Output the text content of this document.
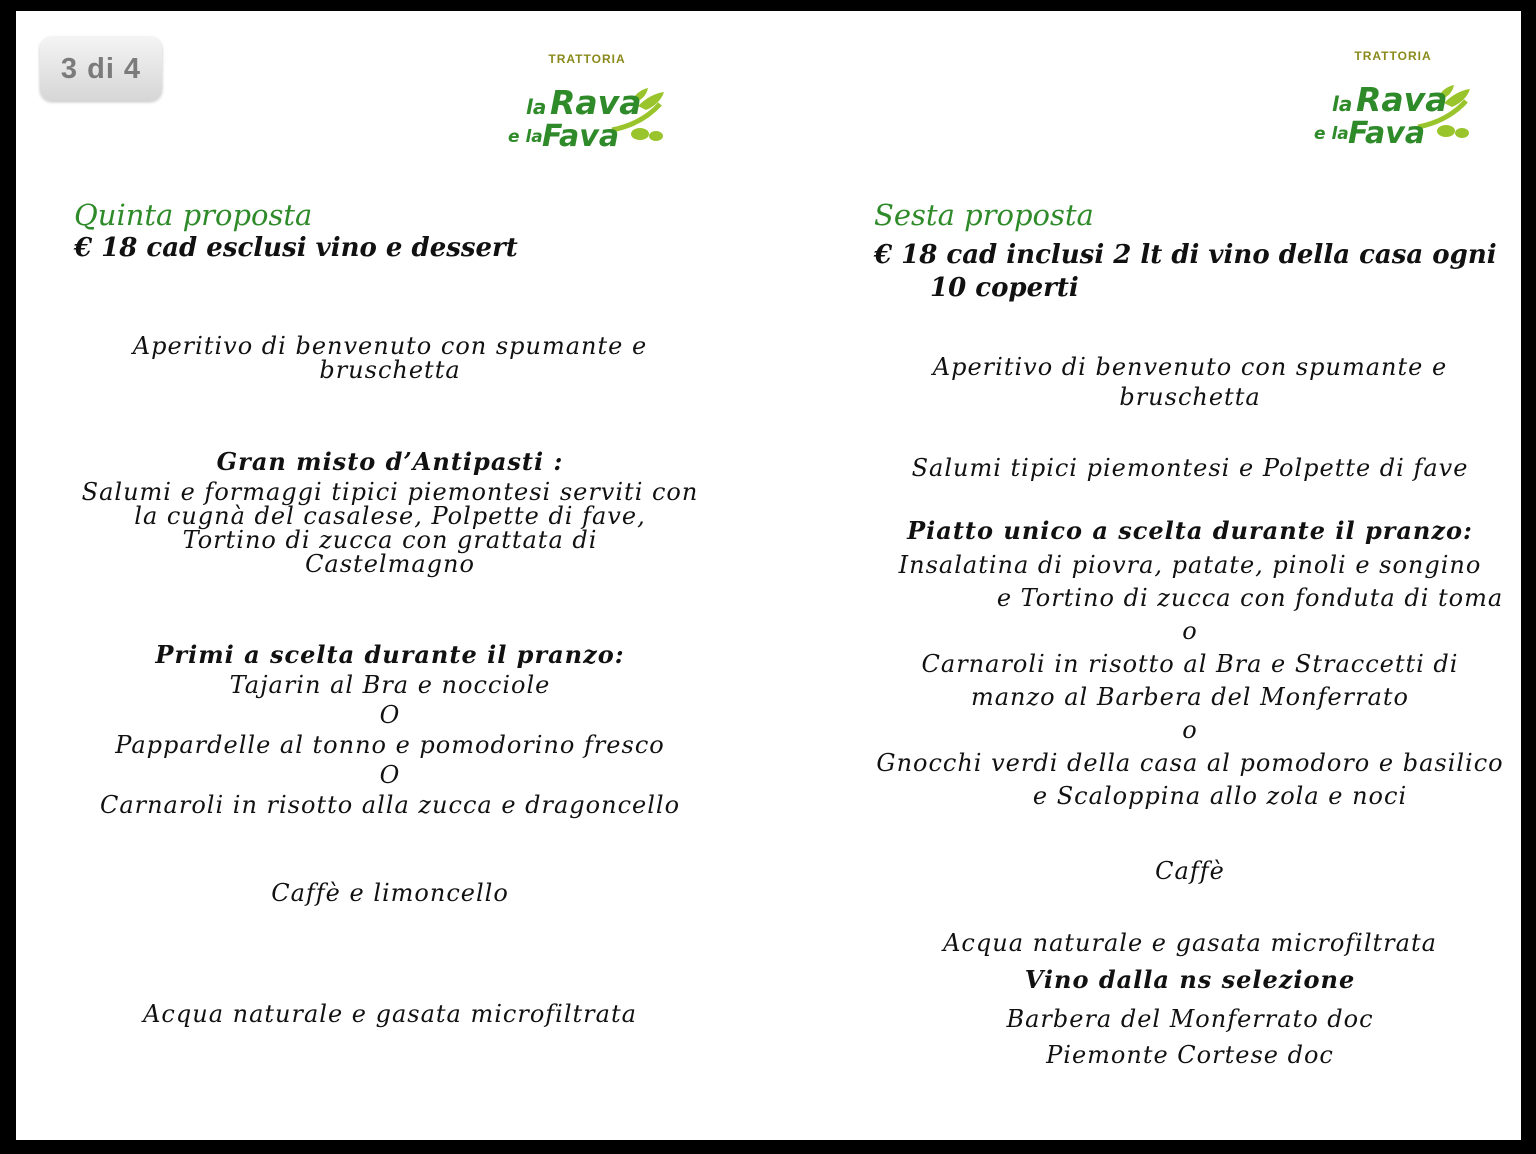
3 di 4	TRATTORIA
la Rava
e la Fava
TRATTORIA
la Rava
e la Fava
Quinta proposta
€ 18 cad esclusi vino e dessert
Aperitivo di benvenuto con spumante e
bruschetta
Gran misto d’Antipasti :
Salumi e formaggi tipici piemontesi serviti con
la cugnà del casalese, Polpette di fave,
Tortino di zucca con grattata di
Castelmagno
Primi a scelta durante il pranzo:
Tajarin al Bra e nocciole
O
Pappardelle al tonno e pomodorino fresco
O
Carnaroli in risotto alla zucca e dragoncello
Caffè e limoncello
Acqua naturale e gasata microfiltrata
Sesta proposta
€ 18 cad inclusi 2 lt di vino della casa ogni
10 coperti
Aperitivo di benvenuto con spumante e
bruschetta
Salumi tipici piemontesi e Polpette di fave
Piatto unico a scelta durante il pranzo:
Insalatina di piovra, patate, pinoli e songino
e Tortino di zucca con fonduta di toma
o
Carnaroli in risotto al Bra e Straccetti di
manzo al Barbera del Monferrato
o
Gnocchi verdi della casa al pomodoro e basilico
e Scaloppina allo zola e noci
Caffè
Acqua naturale e gasata microfiltrata
Vino dalla ns selezione
Barbera del Monferrato doc
Piemonte Cortese doc
